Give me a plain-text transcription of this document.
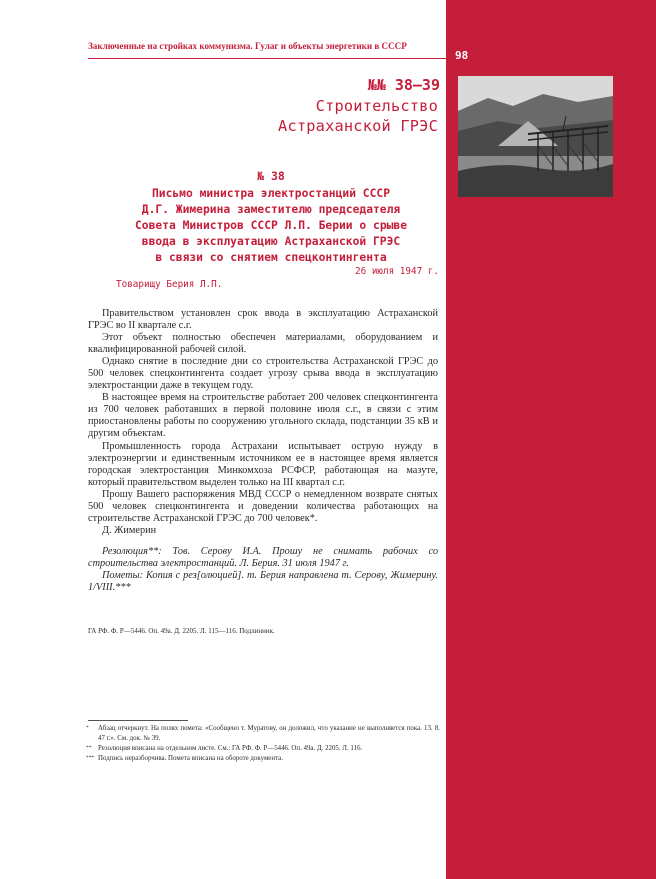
Заключенные на стройках коммунизма. Гулаг и объекты энергетики в СССР
98
№№ 38–39
Строительство
Астраханской ГРЭС
№ 38
Письмо министра электростанций СССР
Д.Г. Жимерина заместителю председателя
Совета Министров СССР Л.П. Берии о срыве
ввода в эксплуатацию Астраханской ГРЭС
в связи со снятием спецконтингента
26 июля 1947 г.
Товарищу Берия Л.П.

Правительством установлен срок ввода в эксплуатацию Астраханской ГРЭС во II квартале с.г.

Этот объект полностью обеспечен материалами, оборудованием и квалифицированной рабочей силой.

Однако снятие в последние дни со строительства Астраханской ГРЭС до 500 человек спецконтингента создает угрозу срыва ввода в эксплуатацию электростанции даже в текущем году.

В настоящее время на строительстве работает 200 человек спецконтингента из 700 человек работавших в первой половине июля с.г., в связи с этим приостановлены работы по сооружению угольного склада, подстанции 35 кВ и другим объектам.

Промышленность города Астрахани испытывает острую нужду в электроэнергии и единственным источником ее в настоящее время является городская электростанция Минкомхоза РСФСР, работающая на мазуте, который правительством выделен только на III квартал с.г.

Прошу Вашего распоряжения МВД СССР о немедленном возврате снятых 500 человек спецконтингента и доведении количества работающих на строительстве Астраханской ГРЭС до 700 человек*.

Д. Жимерин

Резолюция**: Тов. Серову И.А. Прошу не снимать рабочих со строительства электростанций. Л. Берия. 31 июля 1947 г.

Пометы: Копия с рез[олюцией]. т. Берия направлена т. Серову, Жимерину. 1/VIII.***

ГА РФ. Ф. Р—5446. Оп. 49а. Д. 2205. Л. 115—116. Подлинник.
* Абзац отчеркнут. На полях помета: «Сообщено т. Муратову, он доложил, что указание не выполняется пока. 13. 8. 47 г.». См. док. № 39.
** Резолюция вписана на отдельном листе. См.: ГА РФ. Ф. Р—5446. Оп. 49а. Д. 2205. Л. 116.
*** Подпись неразборчива. Помета вписана на обороте документа.
